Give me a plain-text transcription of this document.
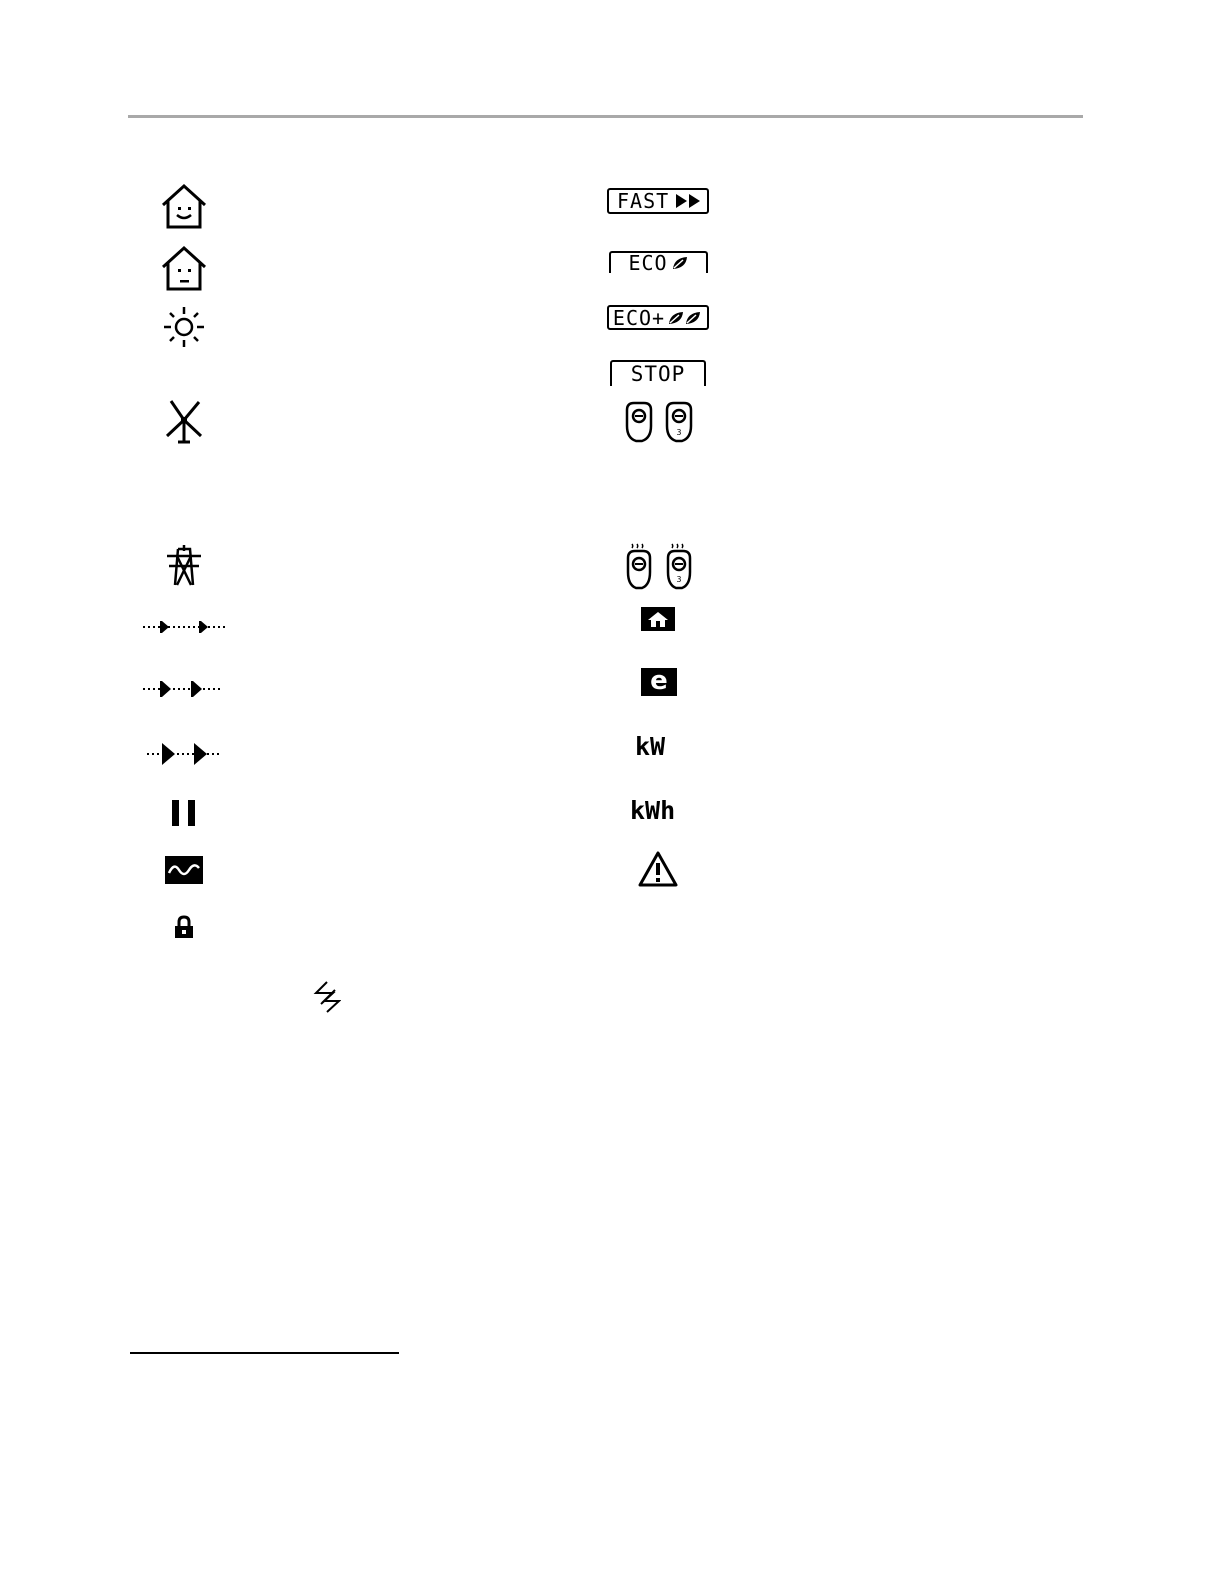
FAST
ECO
ECO+
STOP
3
3
e
kW
kWh
